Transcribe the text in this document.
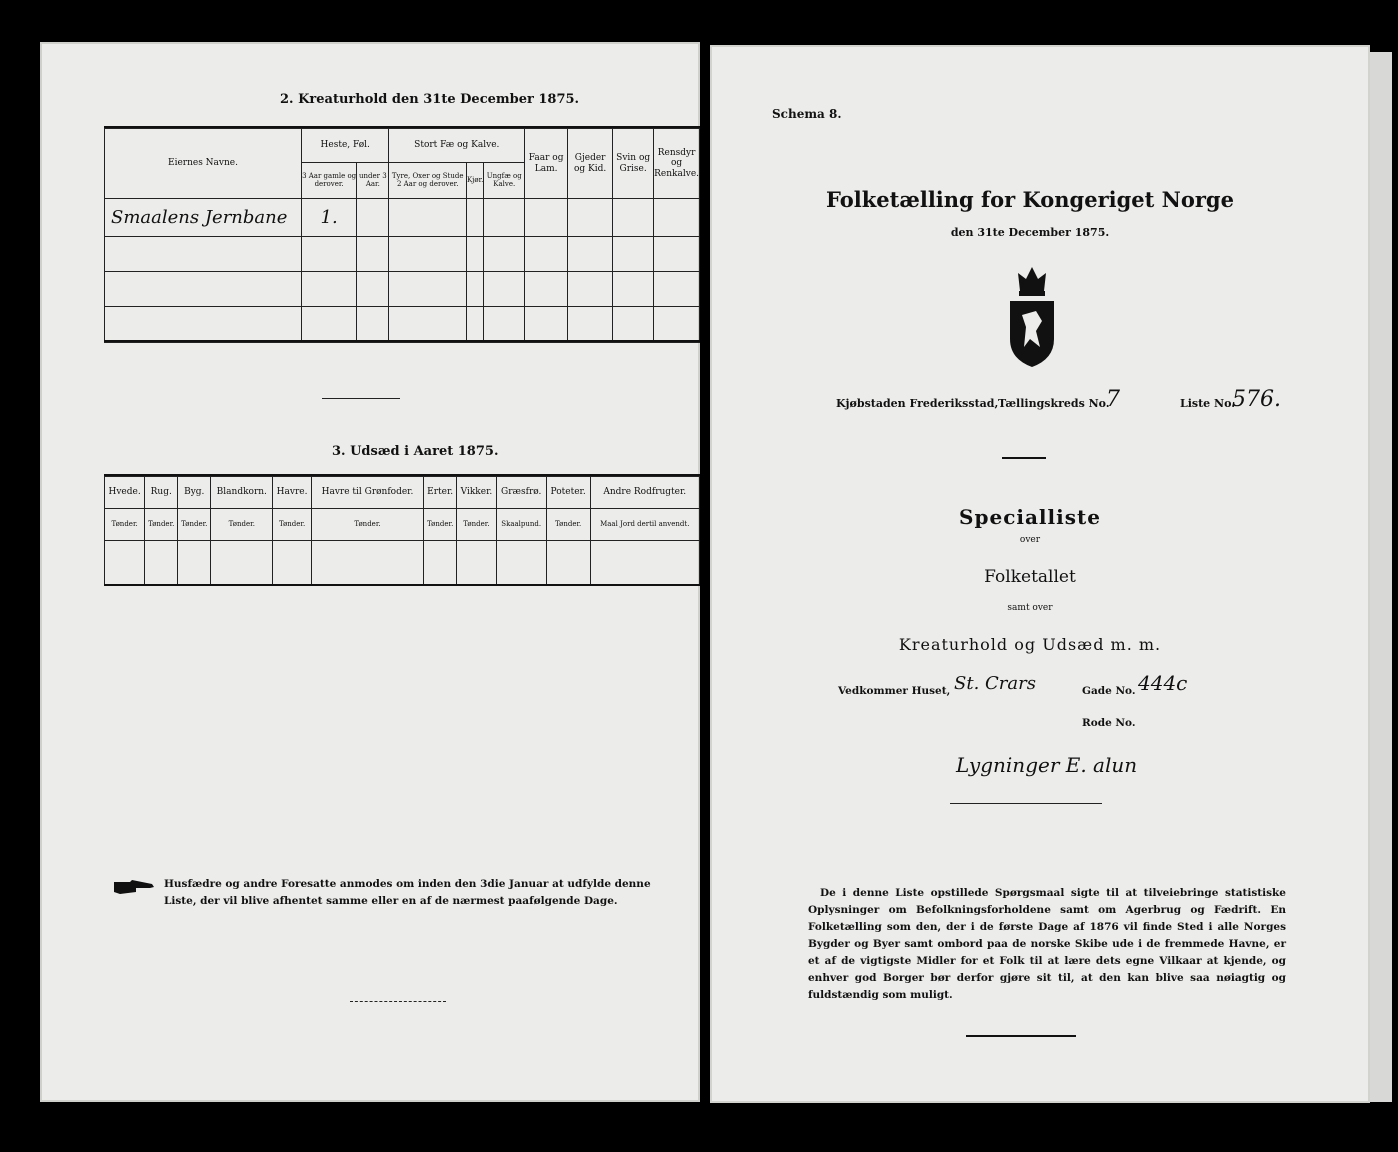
2. Kreaturhold den 31te December 1875.
Eiernes Navne.	Heste, Føl.		Stort Fæ og Kalve.			Faar og Lam.	Gjeder og Kid.	Svin og Grise.	Rensdyr og Renkalve.
	3 Aar gamle og derover.	under 3 Aar.	Tyre, Oxer og Stude 2 Aar og derover.	Kjør.	Ungfæ og Kalve.				
Smaalens Jernbane	1.								

3. Udsæd i Aaret 1875.
Hvede.	Rug.	Byg.	Blandkorn.	Havre.	Havre til Grønfoder.	Erter.	Vikker.	Græsfrø.	Poteter.	Andre Rodfrugter.
Tønder.	Tønder.	Tønder.	Tønder.	Tønder.	Tønder.	Tønder.	Tønder.	Skaalpund.	Tønder.	Maal Jord dertil anvendt.

Husfædre og andre Foresatte anmodes om inden den 3die Januar at udfylde denne Liste, der vil blive afhentet samme eller en af de nærmest paafølgende Dage.
Schema 8.
Folketælling for Kongeriget Norge
den 31te December 1875.
Kjøbstaden Frederiksstad, Tællingskreds No.
7	Liste No.
576.
Specialliste
over
Folketallet
samt over
Kreaturhold og Udsæd m. m.
Vedkommer Huset, St. Crars	Gade No. 444c
Rode No.
Lygninger E. alun
De i denne Liste opstillede Spørgsmaal sigte til at tilveiebringe statistiske Oplysninger om Befolkningsforholdene samt om Agerbrug og Fædrift. En Folketælling som den, der i de første Dage af 1876 vil finde Sted i alle Norges Bygder og Byer samt ombord paa de norske Skibe ude i de fremmede Havne, er et af de vigtigste Midler for et Folk til at lære dets egne Vilkaar at kjende, og enhver god Borger bør derfor gjøre sit til, at den kan blive saa nøiagtig og fuldstændig som muligt.
